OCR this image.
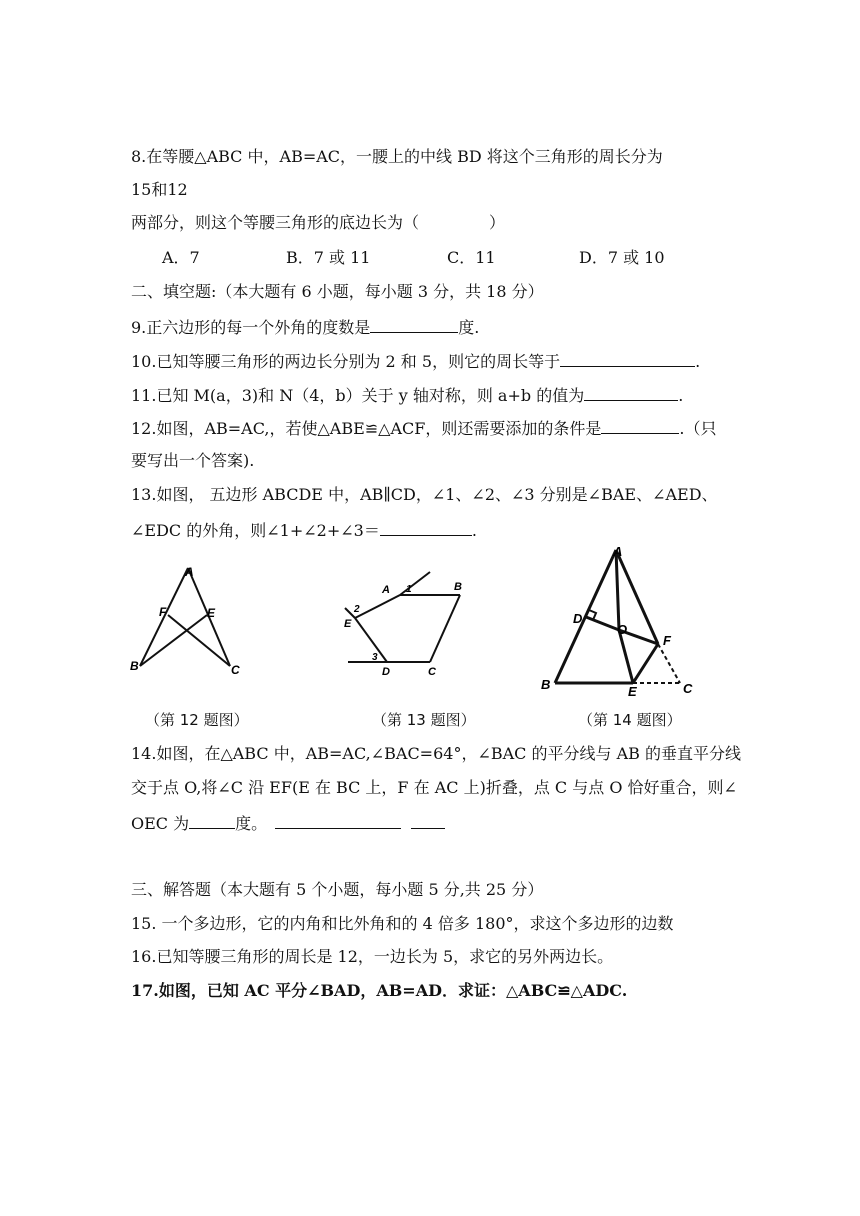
8.在等腰△ABC 中，AB=AC，一腰上的中线 BD 将这个三角形的周长分为
15和12
两部分，则这个等腰三角形的底边长为（	）
A．7	B．7 或 11	C．11	D．7 或 10
二、填空题:（本大题有 6 小题，每小题 3 分，共 18 分）
9.正六边形的每一个外角的度数是	度.
10.已知等腰三角形的两边长分别为 2 和 5，则它的周长等于	.
11.已知 M(a，3)和 N（4，b）关于 y 轴对称，则 a+b 的值为	.
12.如图，AB=AC,，若使△ABE≌△ACF，则还需要添加的条件是	.（只
要写出一个答案).
13.如图， 五边形 ABCDE 中，AB∥CD，∠1、∠2、∠3 分别是∠BAE、∠AED、
∠EDC 的外角，则∠1+∠2+∠3＝	.
A
B	C
F	E
A	B
C
D
E
1
2
3
A
B	C
D
E
F
O
（第 12 题图）	（第 13 题图）	（第 14 题图）
14.如图，在△ABC 中，AB=AC,∠BAC=64°，∠BAC 的平分线与 AB 的垂直平分线
交于点 O,将∠C 沿 EF(E 在 BC 上，F 在 AC 上)折叠，点 C 与点 O 恰好重合，则∠
OEC 为	度。
三、解答题（本大题有 5 个小题，每小题 5 分,共 25 分）
15. 一个多边形，它的内角和比外角和的 4 倍多 180°，求这个多边形的边数
16.已知等腰三角形的周长是 12，一边长为 5，求它的另外两边长。
17.如图，已知 AC 平分∠BAD，AB=AD．求证：△ABC≌△ADC.
